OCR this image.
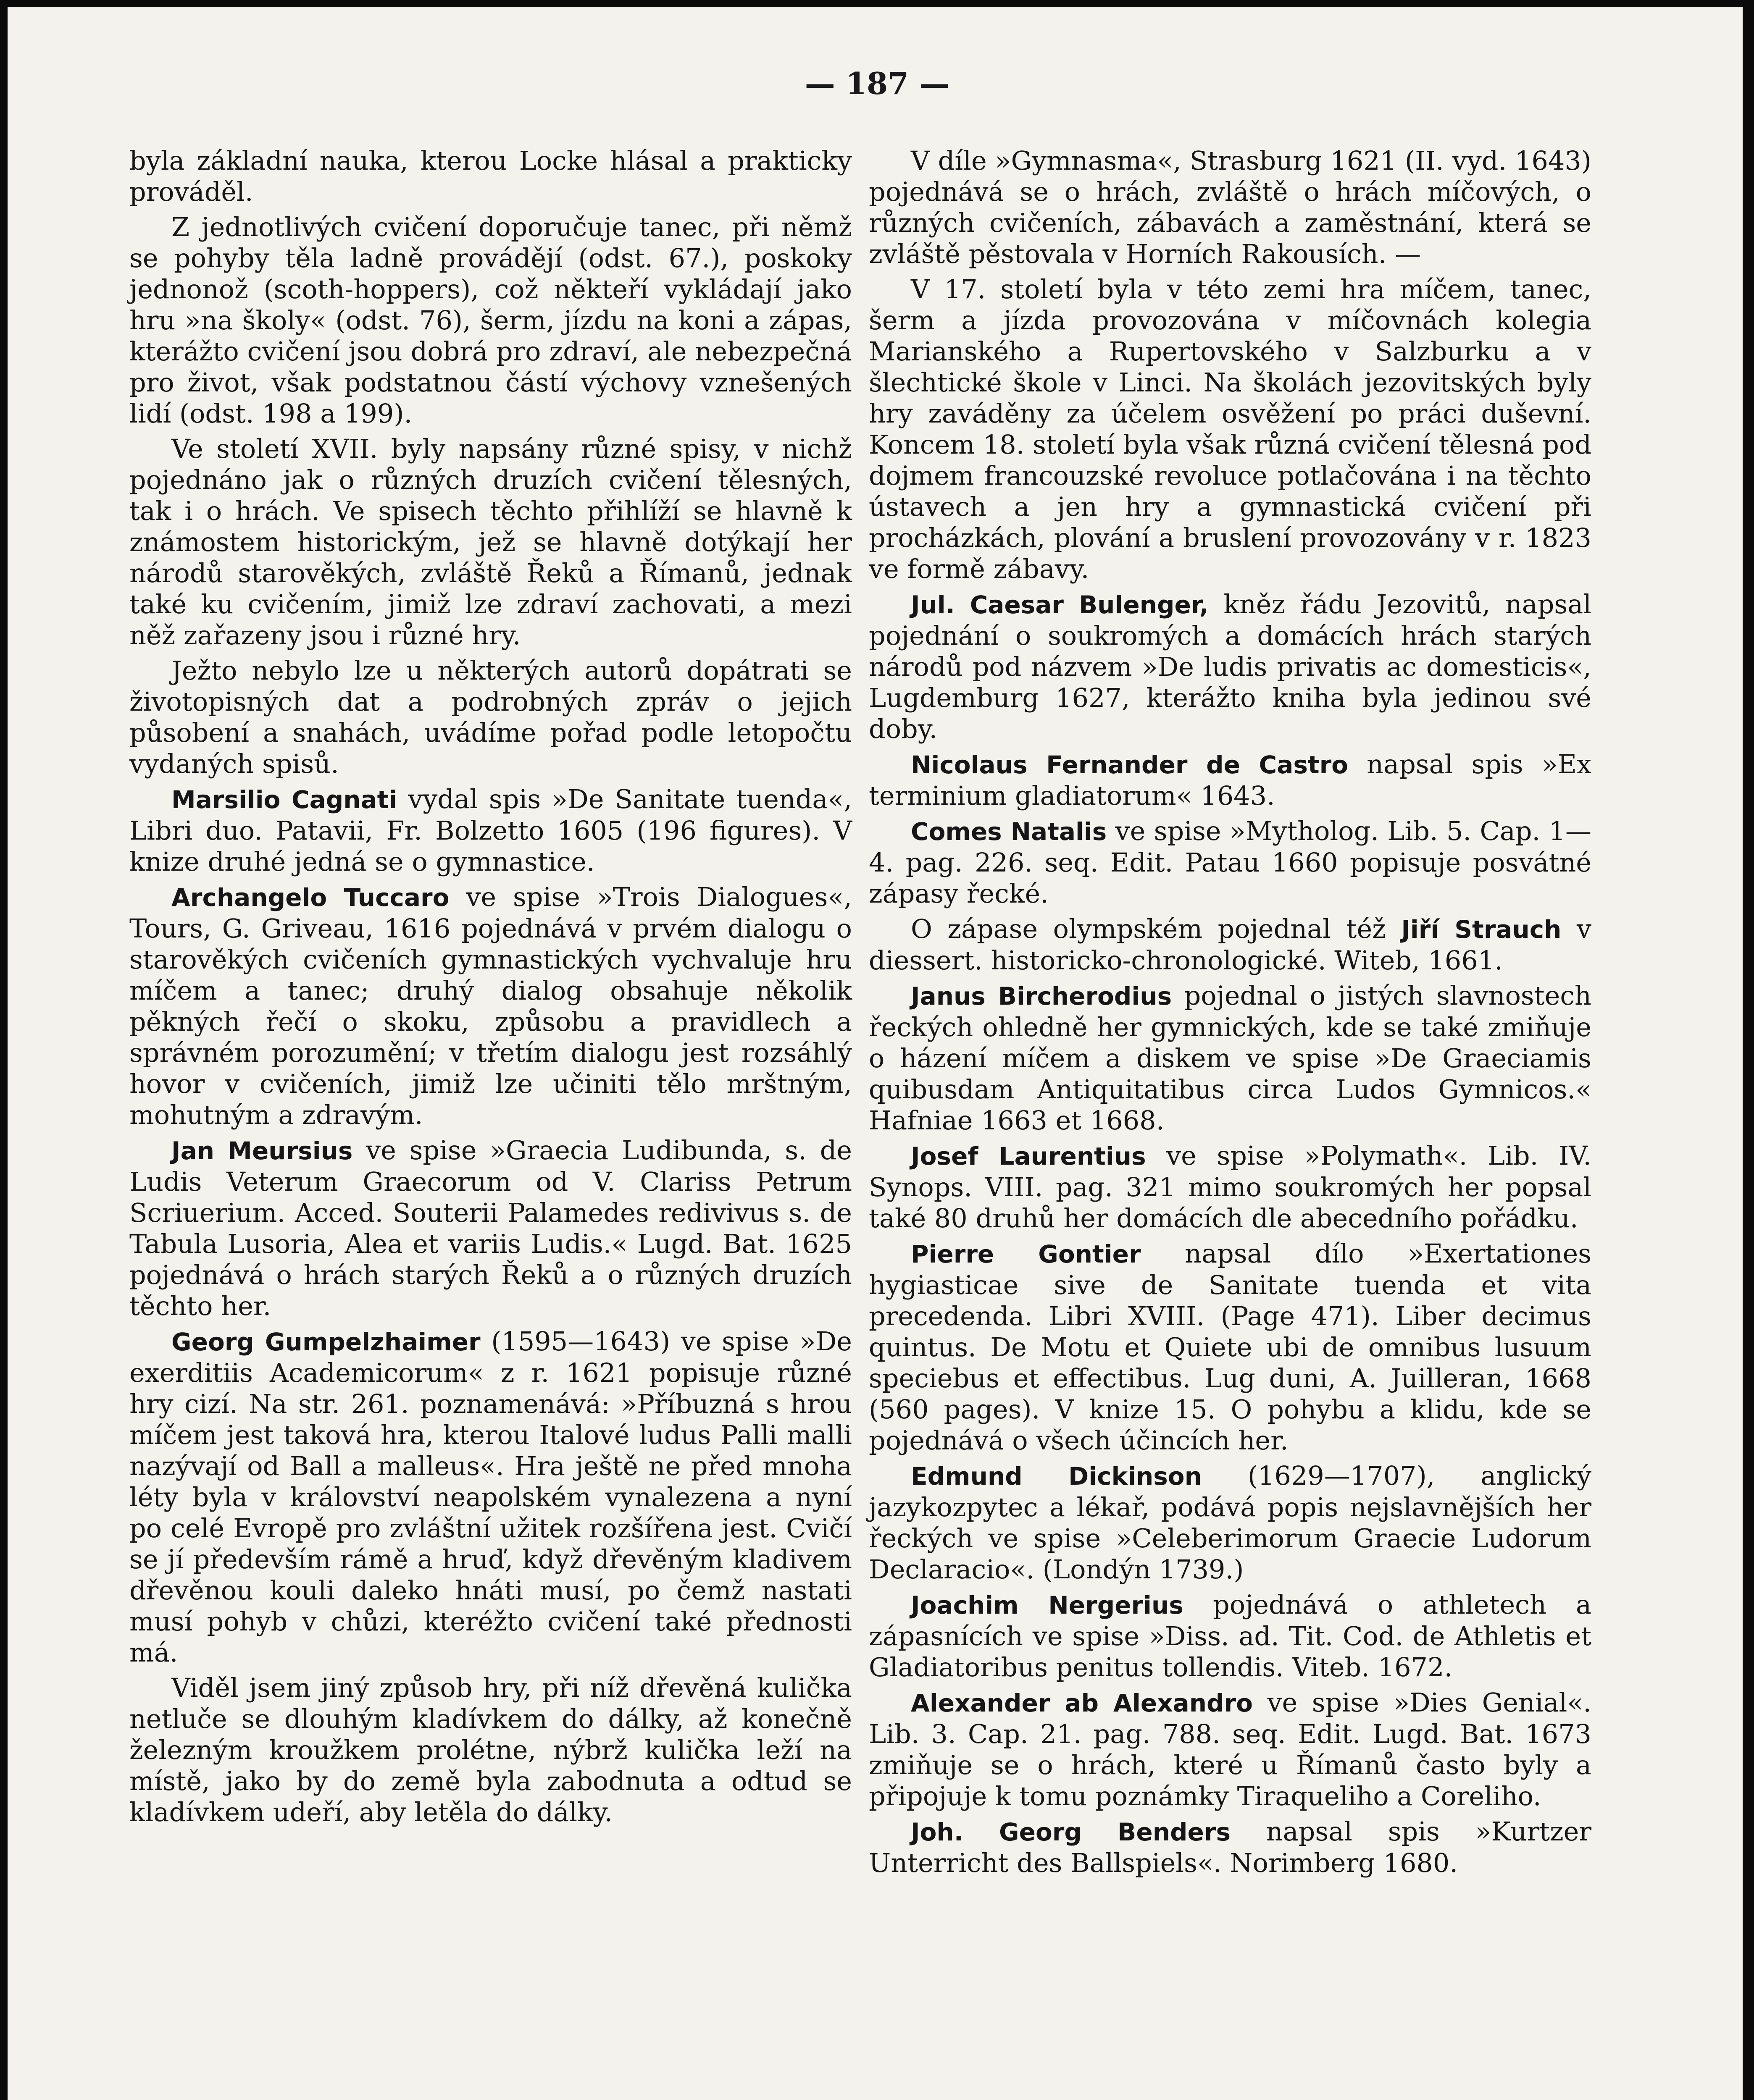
— 187 —

byla základní nauka, kterou Locke hlásal a prakticky prováděl.

Z jednotlivých cvičení doporučuje tanec, při němž se pohyby těla ladně provádějí (odst. 67.), poskoky jednonož (scoth-hoppers), což někteří vykládají jako hru »na školy« (odst. 76), šerm, jízdu na koni a zápas, kterážto cvičení jsou dobrá pro zdraví, ale nebezpečná pro život, však podstatnou částí výchovy vznešených lidí (odst. 198 a 199).

Ve století XVII. byly napsány různé spisy, v nichž pojednáno jak o různých druzích cvičení tělesných, tak i o hrách. Ve spisech těchto přihlíží se hlavně k známostem historickým, jež se hlavně dotýkají her národů starověkých, zvláště Řeků a Římanů, jednak také ku cvičením, jimiž lze zdraví zachovati, a mezi něž zařazeny jsou i různé hry.

Ježto nebylo lze u některých autorů dopátrati se životopisných dat a podrobných zpráv o jejich působení a snahách, uvádíme pořad podle letopočtu vydaných spisů.

Marsilio Cagnati vydal spis »De Sanitate tuenda«, Libri duo. Patavii, Fr. Bolzetto 1605 (196 figures). V knize druhé jedná se o gymnastice.

Archangelo Tuccaro ve spise »Trois Dialogues«, Tours, G. Griveau, 1616 pojednává v prvém dialogu o starověkých cvičeních gymnastických vychvaluje hru míčem a tanec; druhý dialog obsahuje několik pěkných řečí o skoku, způsobu a pravidlech a správném porozumění; v třetím dialogu jest rozsáhlý hovor v cvičeních, jimiž lze učiniti tělo mrštným, mohutným a zdravým.

Jan Meursius ve spise »Graecia Ludibunda, s. de Ludis Veterum Graecorum od V. Clariss Petrum Scriuerium. Acced. Souterii Palamedes redivivus s. de Tabula Lusoria, Alea et variis Ludis.« Lugd. Bat. 1625 pojednává o hrách starých Řeků a o různých druzích těchto her.

Georg Gumpelzhaimer (1595—1643) ve spise »De exerditiis Academicorum« z r. 1621 popisuje různé hry cizí. Na str. 261. poznamenává: »Příbuzná s hrou míčem jest taková hra, kterou Italové ludus Palli malli nazývají od Ball a malleus«. Hra ještě ne před mnoha léty byla v království neapolském vynalezena a nyní po celé Evropě pro zvláštní užitek rozšířena jest. Cvičí se jí především rámě a hruď, když dřevěným kladivem dřevěnou kouli daleko hnáti musí, po čemž nastati musí pohyb v chůzi, kteréžto cvičení také přednosti má.

Viděl jsem jiný způsob hry, při níž dřevěná kulička netluče se dlouhým kladívkem do dálky, až konečně železným kroužkem prolétne, nýbrž kulička leží na místě, jako by do země byla zabodnuta a odtud se kladívkem udeří, aby letěla do dálky.

V díle »Gymnasma«, Strasburg 1621 (II. vyd. 1643) pojednává se o hrách, zvláště o hrách míčových, o různých cvičeních, zábavách a zaměstnání, která se zvláště pěstovala v Horních Rakousích. —

V 17. století byla v této zemi hra míčem, tanec, šerm a jízda provozována v míčovnách kolegia Marianského a Rupertovského v Salzburku a v šlechtické škole v Linci. Na školách jezovitských byly hry zaváděny za účelem osvěžení po práci duševní. Koncem 18. století byla však různá cvičení tělesná pod dojmem francouzské revoluce potlačována i na těchto ústavech a jen hry a gymnastická cvičení při procházkách, plování a bruslení provozovány v r. 1823 ve formě zábavy.

Jul. Caesar Bulenger, kněz řádu Jezovitů, napsal pojednání o soukromých a domácích hrách starých národů pod názvem »De ludis privatis ac domesticis«, Lugdemburg 1627, kterážto kniha byla jedinou své doby.

Nicolaus Fernander de Castro napsal spis »Ex terminium gladiatorum« 1643.

Comes Natalis ve spise »Mytholog. Lib. 5. Cap. 1—4. pag. 226. seq. Edit. Patau 1660 popisuje posvátné zápasy řecké.

O zápase olympském pojednal též Jiří Strauch v diessert. historicko-chronologické. Witeb, 1661.

Janus Bircherodius pojednal o jistých slavnostech řeckých ohledně her gymnických, kde se také zmiňuje o házení míčem a diskem ve spise »De Graeciamis quibusdam Antiquitatibus circa Ludos Gymnicos.« Hafniae 1663 et 1668.

Josef Laurentius ve spise »Polymath«. Lib. IV. Synops. VIII. pag. 321 mimo soukromých her popsal také 80 druhů her domácích dle abecedního pořádku.

Pierre Gontier napsal dílo »Exertationes hygiasticae sive de Sanitate tuenda et vita precedenda. Libri XVIII. (Page 471). Liber decimus quintus. De Motu et Quiete ubi de omnibus lusuum speciebus et effectibus. Lug duni, A. Juilleran, 1668 (560 pages). V knize 15. O pohybu a klidu, kde se pojednává o všech účincích her.

Edmund Dickinson (1629—1707), anglický jazykozpytec a lékař, podává popis nejslavnějších her řeckých ve spise »Celeberimorum Graecie Ludorum Declaracio«. (Londýn 1739.)

Joachim Nergerius pojednává o athletech a zápasnících ve spise »Diss. ad. Tit. Cod. de Athletis et Gladiatoribus penitus tollendis. Viteb. 1672.

Alexander ab Alexandro ve spise »Dies Genial«. Lib. 3. Cap. 21. pag. 788. seq. Edit. Lugd. Bat. 1673 zmiňuje se o hrách, které u Římanů často byly a připojuje k tomu poznámky Tiraqueliho a Coreliho.

Joh. Georg Benders napsal spis »Kurtzer Unterricht des Ballspiels«. Norimberg 1680.
